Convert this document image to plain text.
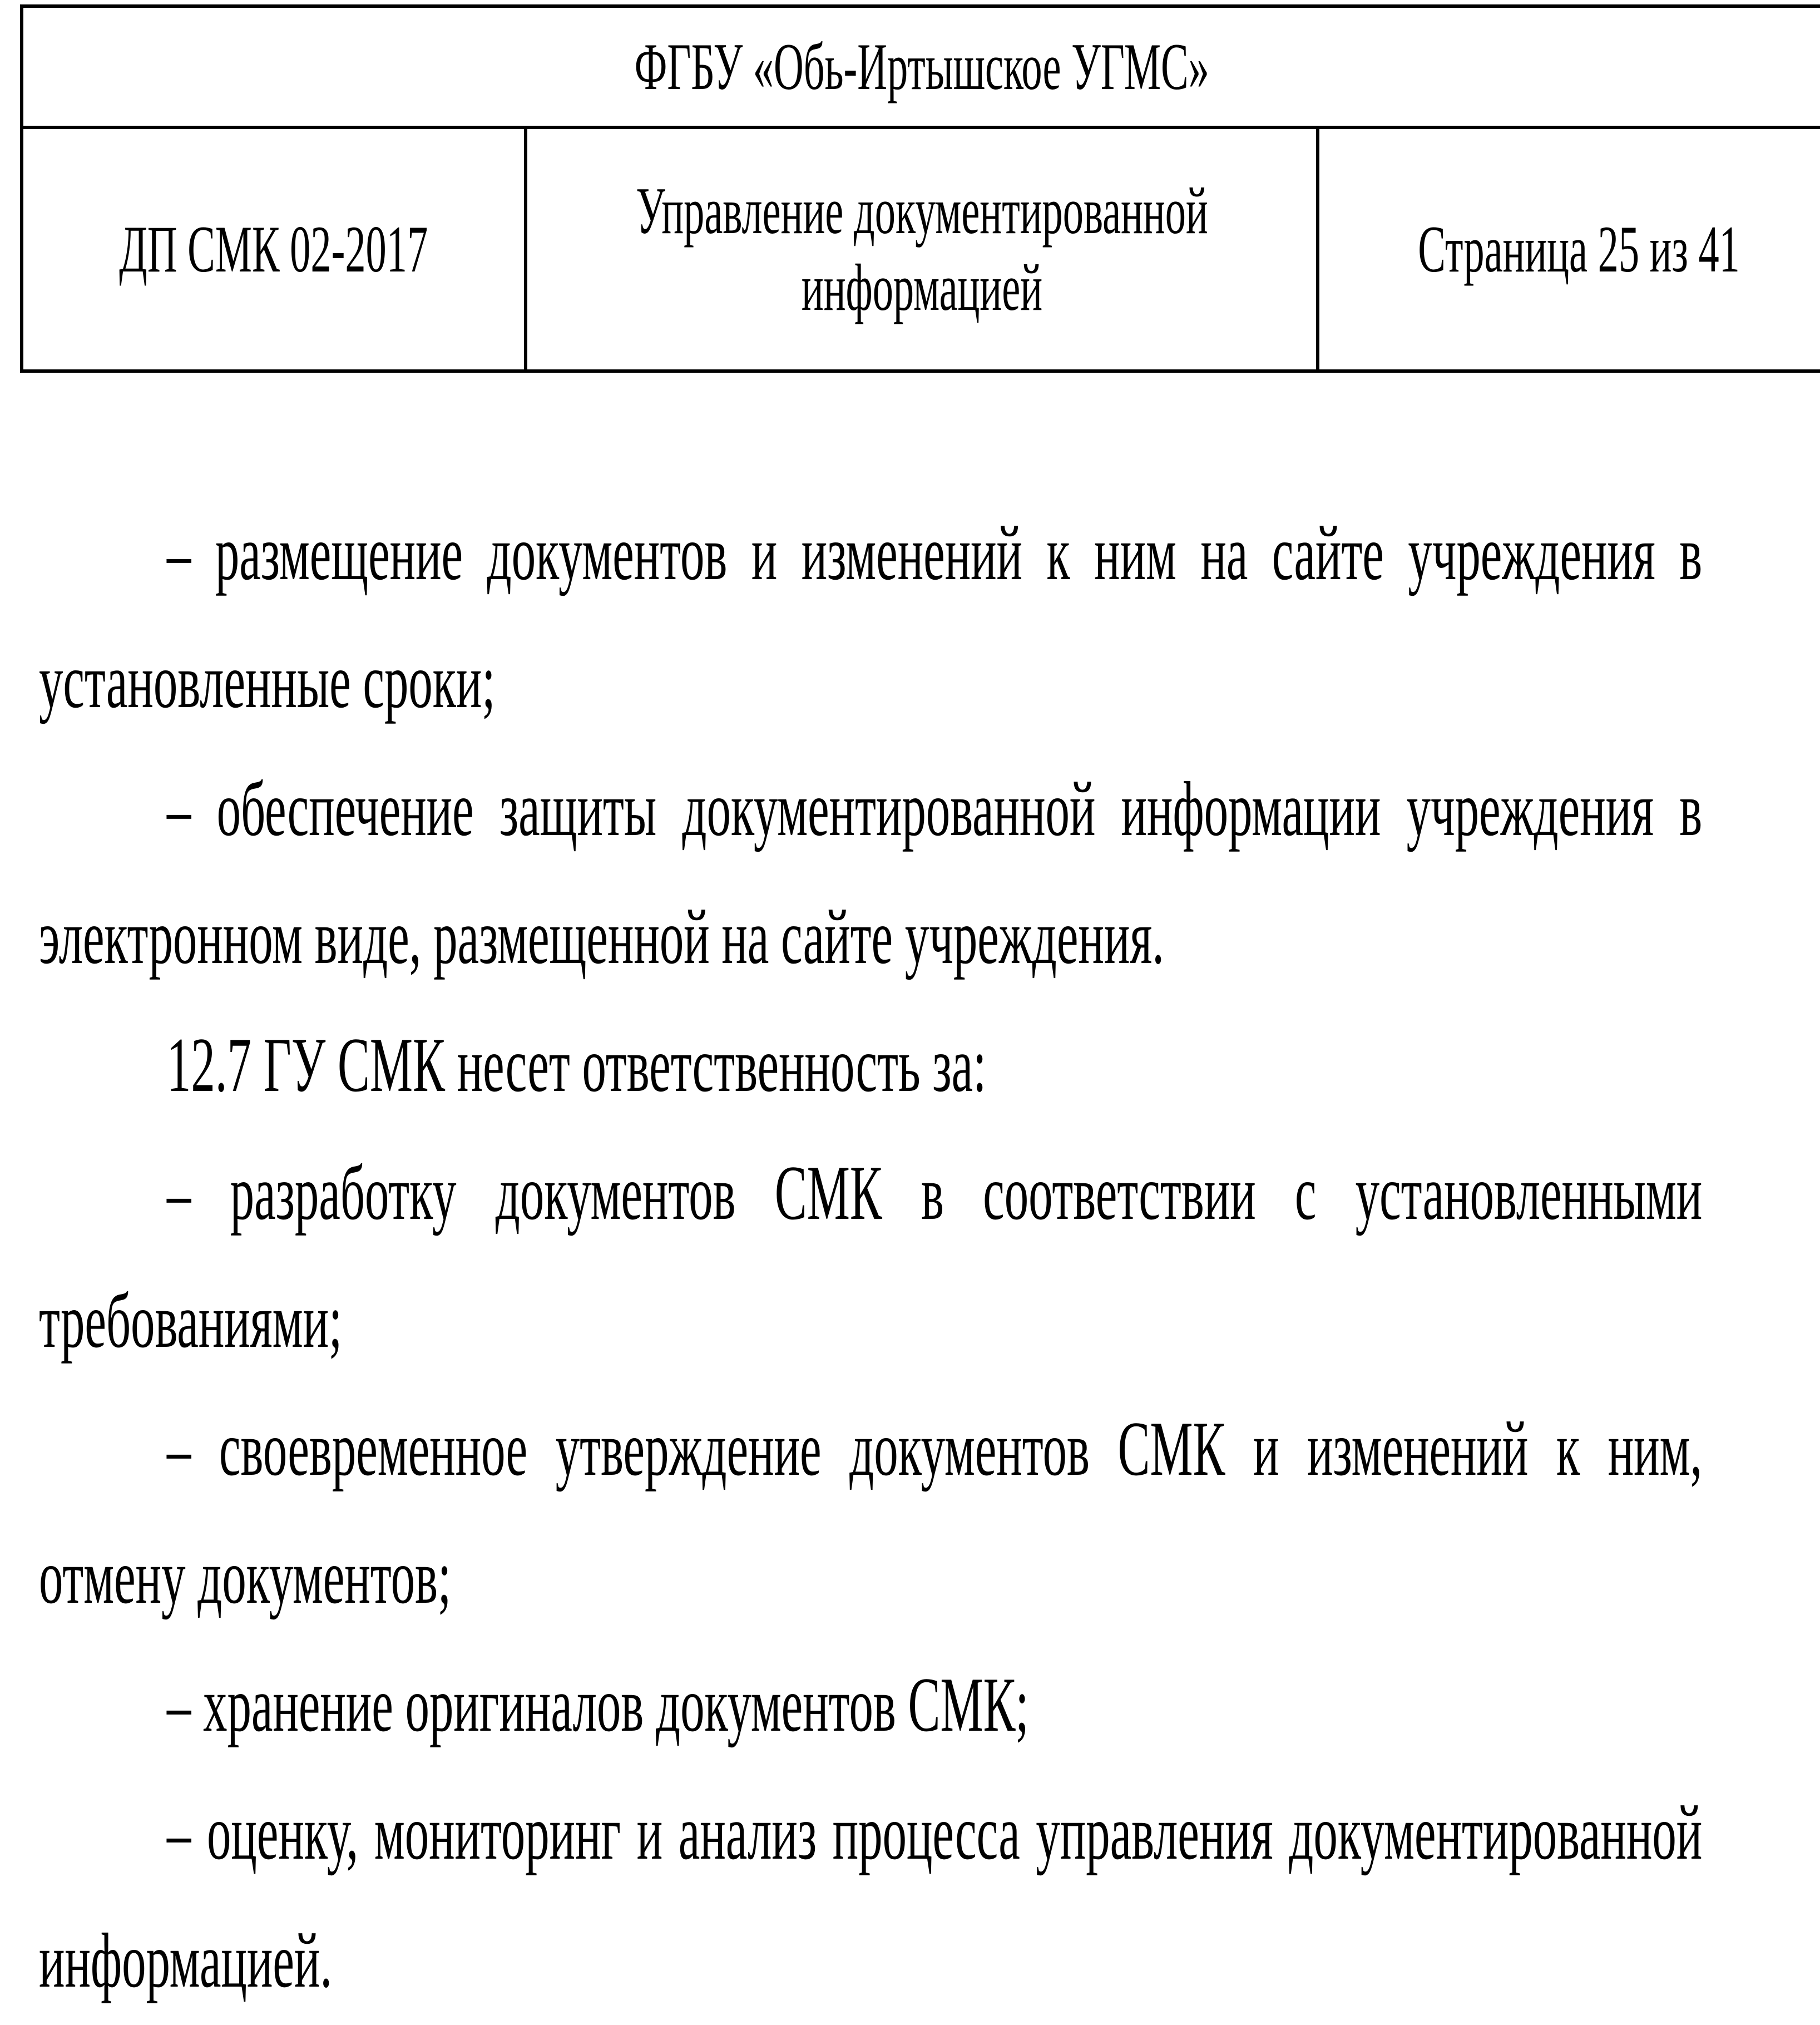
ФГБУ «Обь-Иртышское УГМС»
ДП СМК 02-2017	Управление документированной информацией	Страница 25 из 41

– размещение документов и изменений к ним на сайте учреждения в установленные сроки;

– обеспечение защиты документированной информации учреждения в электронном виде, размещенной на сайте учреждения.

12.7 ГУ СМК несет ответственность за:

– разработку документов СМК в соответствии с установленными требованиями;

– своевременное утверждение документов СМК и изменений к ним, отмену документов;

– хранение оригиналов документов СМК;

– оценку, мониторинг и анализ процесса управления документированной информацией.
